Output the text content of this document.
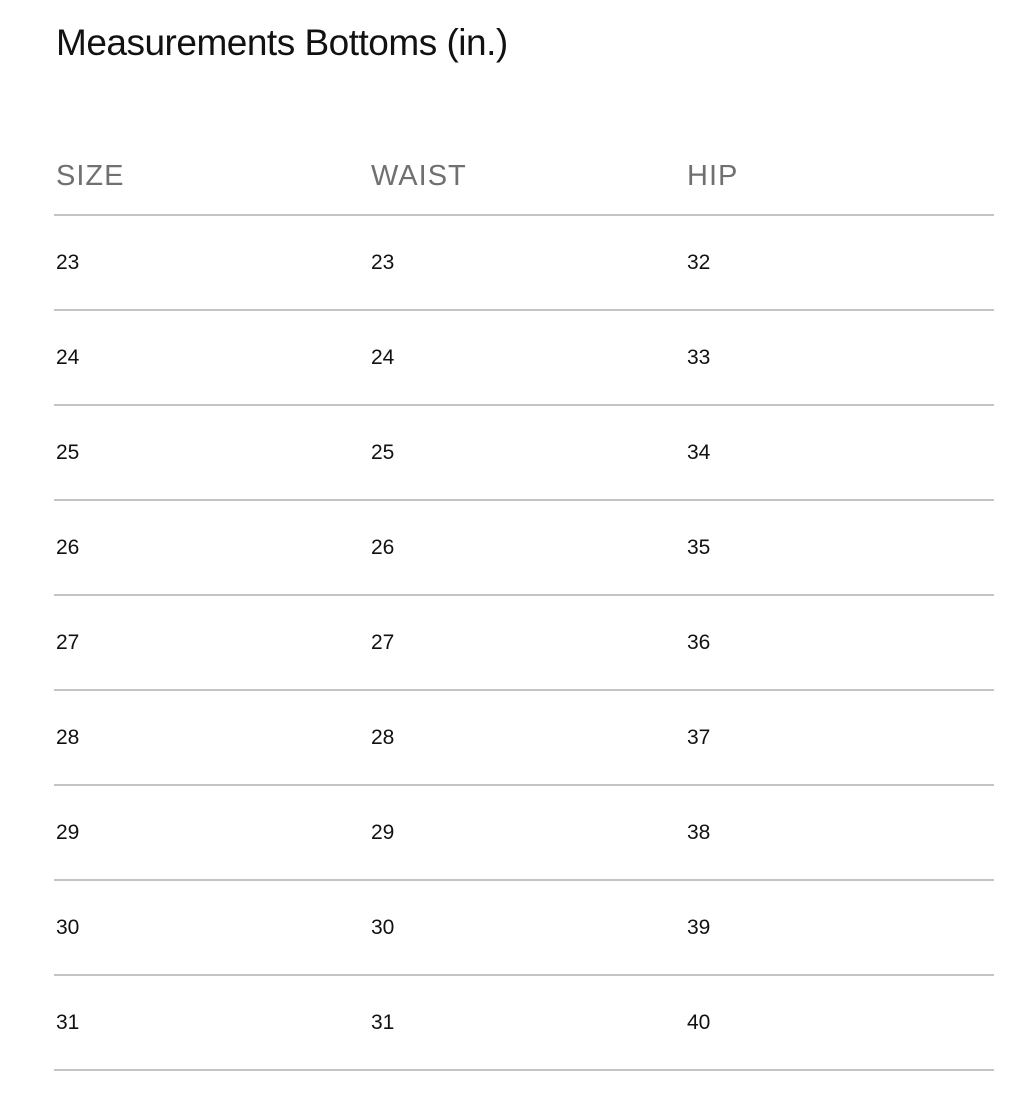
Measurements Bottoms (in.)
SIZE	WAIST	HIP
23	23	32
24	24	33
25	25	34
26	26	35
27	27	36
28	28	37
29	29	38
30	30	39
31	31	40
